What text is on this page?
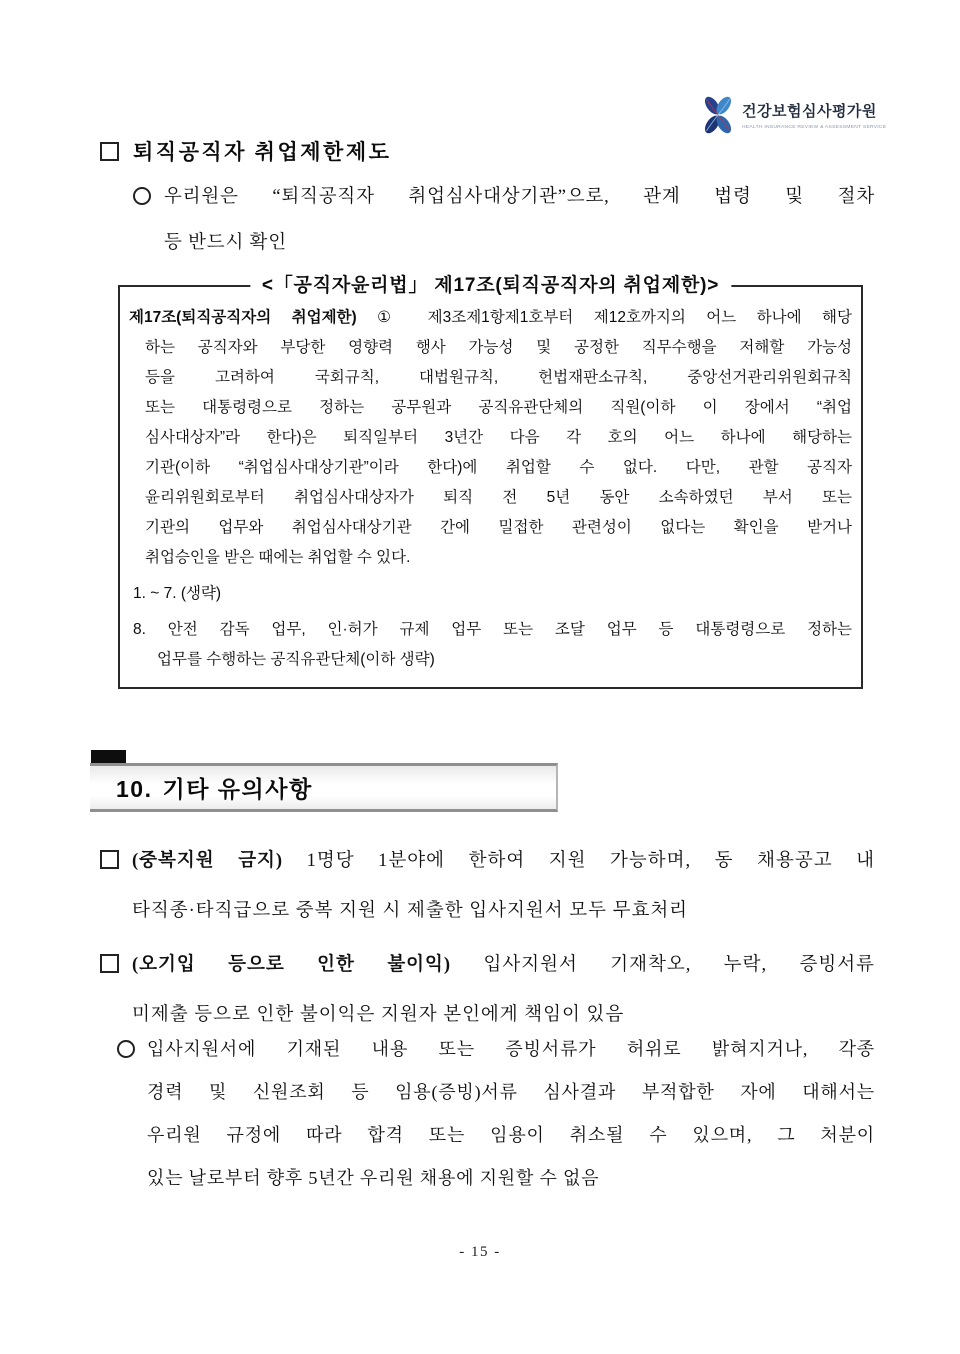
건강보험심사평가원
HEALTH INSURANCE REVIEW & ASSESSMENT SERVICE
퇴직공직자 취업제한제도
우리원은 “퇴직공직자 취업심사대상기관”으로, 관계 법령 및 절차
등 반드시 확인
<「공직자윤리법」 제17조(퇴직공직자의 취업제한)>
제17조(퇴직공직자의 취업제한) ① 제3조제1항제1호부터 제12호까지의 어느 하나에 해당
하는 공직자와 부당한 영향력 행사 가능성 및 공정한 직무수행을 저해할 가능성
등을 고려하여 국회규칙, 대법원규칙, 헌법재판소규칙, 중앙선거관리위원회규칙
또는 대통령령으로 정하는 공무원과 공직유관단체의 직원(이하 이 장에서 “취업
심사대상자”라 한다)은 퇴직일부터 3년간 다음 각 호의 어느 하나에 해당하는
기관(이하 “취업심사대상기관”이라 한다)에 취업할 수 없다. 다만, 관할 공직자
윤리위원회로부터 취업심사대상자가 퇴직 전 5년 동안 소속하였던 부서 또는
기관의 업무와 취업심사대상기관 간에 밀접한 관련성이 없다는 확인을 받거나
취업승인을 받은 때에는 취업할 수 있다.
1. ~ 7. (생략)
8. 안전 감독 업무, 인·허가 규제 업무 또는 조달 업무 등 대통령령으로 정하는
업무를 수행하는 공직유관단체(이하 생략)
10. 기타 유의사항
(중복지원 금지) 1명당 1분야에 한하여 지원 가능하며, 동 채용공고 내
타직종·타직급으로 중복 지원 시 제출한 입사지원서 모두 무효처리
(오기입 등으로 인한 불이익) 입사지원서 기재착오, 누락, 증빙서류
미제출 등으로 인한 불이익은 지원자 본인에게 책임이 있음
입사지원서에 기재된 내용 또는 증빙서류가 허위로 밝혀지거나, 각종
경력 및 신원조회 등 임용(증빙)서류 심사결과 부적합한 자에 대해서는
우리원 규정에 따라 합격 또는 임용이 취소될 수 있으며, 그 처분이
있는 날로부터 향후 5년간 우리원 채용에 지원할 수 없음
- 15 -
